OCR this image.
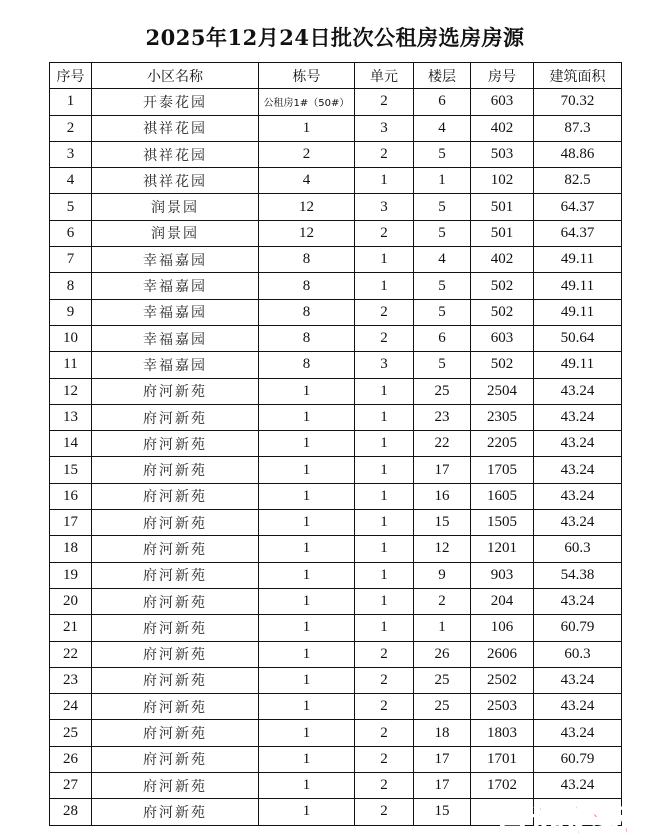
2025年12月24日批次公租房选房房源
序号	小区名称	栋号	单元	楼层	房号	建筑面积
1	开泰花园	公租房1#（50#）	2	6	603	70.32
2	祺祥花园	1	3	4	402	87.3
3	祺祥花园	2	2	5	503	48.86
4	祺祥花园	4	1	1	102	82.5
5	润景园	12	3	5	501	64.37
6	润景园	12	2	5	501	64.37
7	幸福嘉园	8	1	4	402	49.11
8	幸福嘉园	8	1	5	502	49.11
9	幸福嘉园	8	2	5	502	49.11
10	幸福嘉园	8	2	6	603	50.64
11	幸福嘉园	8	3	5	502	49.11
12	府河新苑	1	1	25	2504	43.24
13	府河新苑	1	1	23	2305	43.24
14	府河新苑	1	1	22	2205	43.24
15	府河新苑	1	1	17	1705	43.24
16	府河新苑	1	1	16	1605	43.24
17	府河新苑	1	1	15	1505	43.24
18	府河新苑	1	1	12	1201	60.3
19	府河新苑	1	1	9	903	54.38
20	府河新苑	1	1	2	204	43.24
21	府河新苑	1	1	1	106	60.79
22	府河新苑	1	2	26	2606	60.3
23	府河新苑	1	2	25	2502	43.24
24	府河新苑	1	2	25	2503	43.24
25	府河新苑	1	2	18	1803	43.24
26	府河新苑	1	2	17	1701	60.79
27	府河新苑	1	2	17	1702	43.24
28	府河新苑	1	2	15		声远论坛
